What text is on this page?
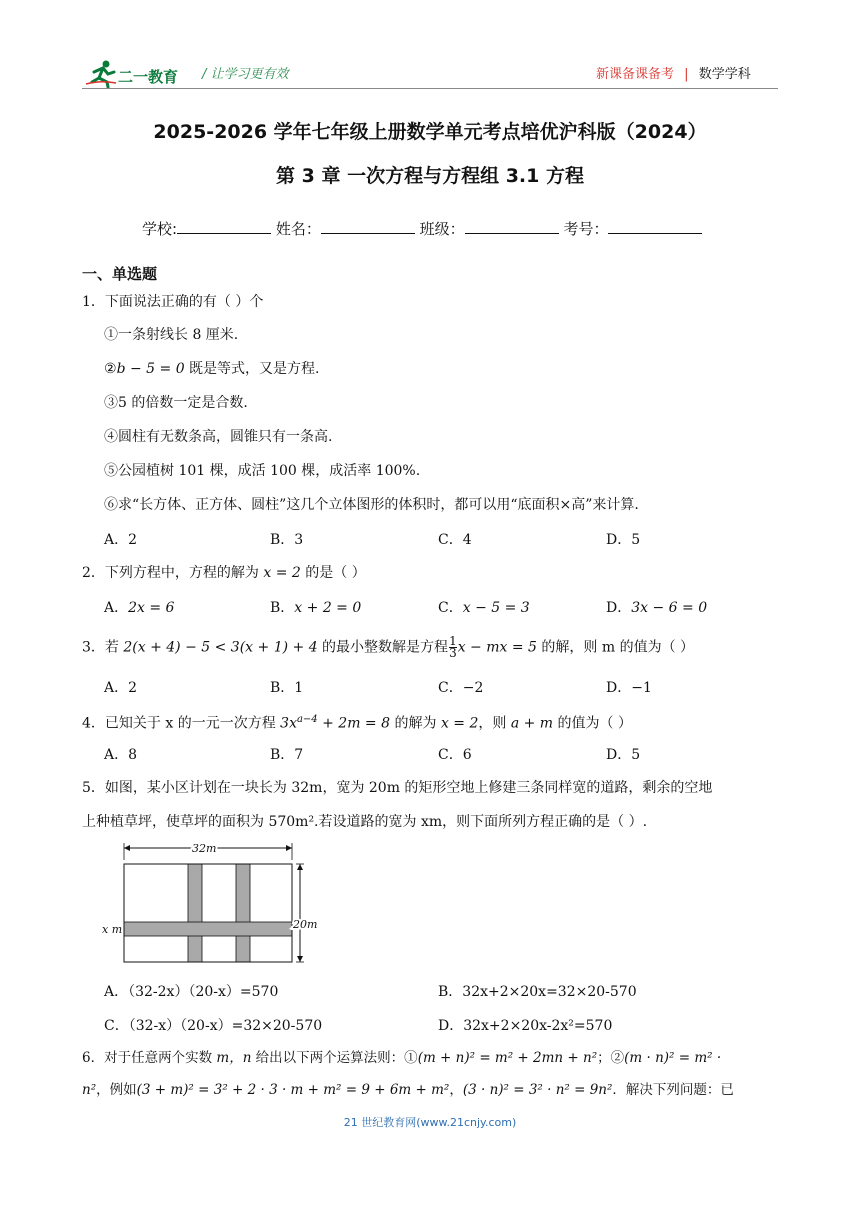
二一教育 / 让学习更有效	新课备课备考 | 数学学科
2025-2026 学年七年级上册数学单元考点培优沪科版（2024）
第 3 章 一次方程与方程组 3.1 方程
学校:	姓名：	班级：	考号：
一、单选题
1．下面说法正确的有（ ）个
①一条射线长 8 厘米.
②b − 5 = 0 既是等式，又是方程.
③5 的倍数一定是合数.
④圆柱有无数条高，圆锥只有一条高.
⑤公园植树 101 棵，成活 100 棵，成活率 100%.
⑥求“长方体、正方体、圆柱”这几个立体图形的体积时，都可以用“底面积×高”来计算.
A．2	B．3	C．4	D．5
2．下列方程中，方程的解为 x = 2 的是（ ）
A．2x = 6	B．x + 2 = 0	C．x − 5 = 3	D．3x − 6 = 0
3．若 2(x + 4) − 5 < 3(x + 1) + 4 的最小整数解是方程 $\frac{1}{3}$ x − mx = 5 的解，则 m 的值为（ ）
A．2	B．1	C．−2	D．−1
4．已知关于 x 的一元一次方程 $3x^{a-4} + 2m = 8$ 的解为 x = 2，则 a + m 的值为（ ）
A．8	B．7	C．6	D．5
5．如图，某小区计划在一块长为 32m，宽为 20m 的矩形空地上修建三条同样宽的道路，剩余的空地
上种植草坪，使草坪的面积为 570m².若设道路的宽为 xm，则下面所列方程正确的是（ ）.
32m
20m
x m
A．（32-2x）（20-x）=570	B．32x+2×20x=32×20-570
C．（32-x）（20-x）=32×20-570	D．32x+2×20x-2x²=570
6．对于任意两个实数 m，n 给出以下两个运算法则：①(m + n)² = m² + 2mn + n²；②(m · n)² = m² ·
n²，例如(3 + m)² = 3² + 2 · 3 · m + m² = 9 + 6m + m²，(3 · n)² = 3² · n² = 9n²．解决下列问题：已
21 世纪教育网(www.21cnjy.com)
